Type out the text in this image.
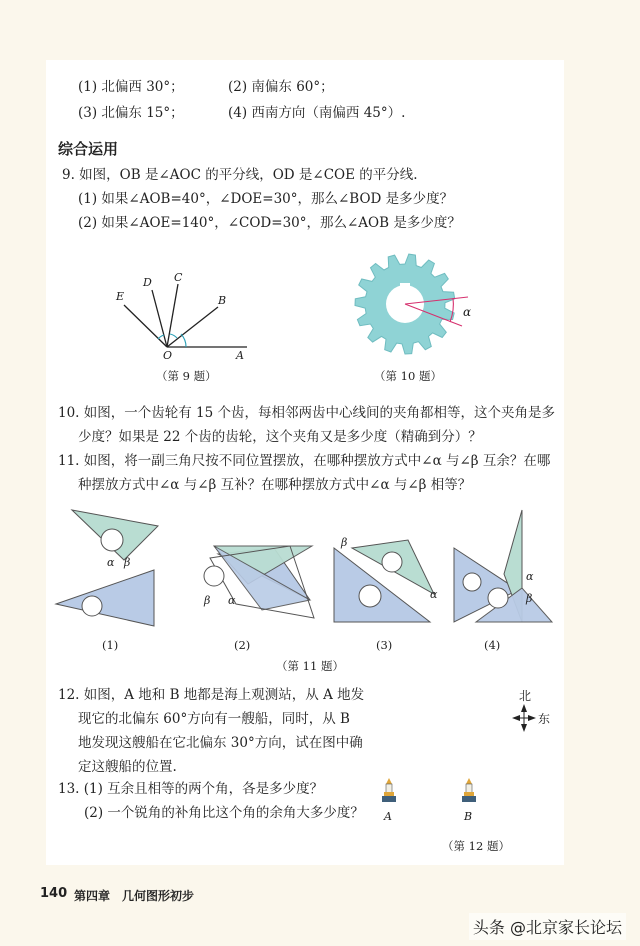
(1) 北偏西 30°；	(2) 南偏东 60°；
(3) 北偏东 15°；	(4) 西南方向（南偏西 45°）.
综合运用
9. 如图，OB 是∠AOC 的平分线，OD 是∠COE 的平分线.
(1) 如果∠AOB=40°，∠DOE=30°，那么∠BOD 是多少度？
(2) 如果∠AOE=140°，∠COD=30°，那么∠AOB 是多少度？
E
D C
B
O	A
（第 9 题）
α
（第 10 题）
10. 如图，一个齿轮有 15 个齿，每相邻两齿中心线间的夹角都相等，这个夹角是多
少度？如果是 22 个齿的齿轮，这个夹角又是多少度（精确到分）？
11. 如图，将一副三角尺按不同位置摆放，在哪种摆放方式中∠α 与∠β 互余？在哪
种摆放方式中∠α 与∠β 互补？在哪种摆放方式中∠α 与∠β 相等？
α β
β α
β
α
α
β
(1)	(2)	(3)	(4)
（第 11 题）
12. 如图，A 地和 B 地都是海上观测站，从 A 地发
现它的北偏东 60°方向有一艘船，同时，从 B
地发现这艘船在它北偏东 30°方向，试在图中确
定这艘船的位置.
北
东
13. (1) 互余且相等的两个角，各是多少度？
(2) 一个锐角的补角比这个角的余角大多少度？ A	B
（第 12 题）
140 第四章　几何图形初步
头条 @北京家长论坛
